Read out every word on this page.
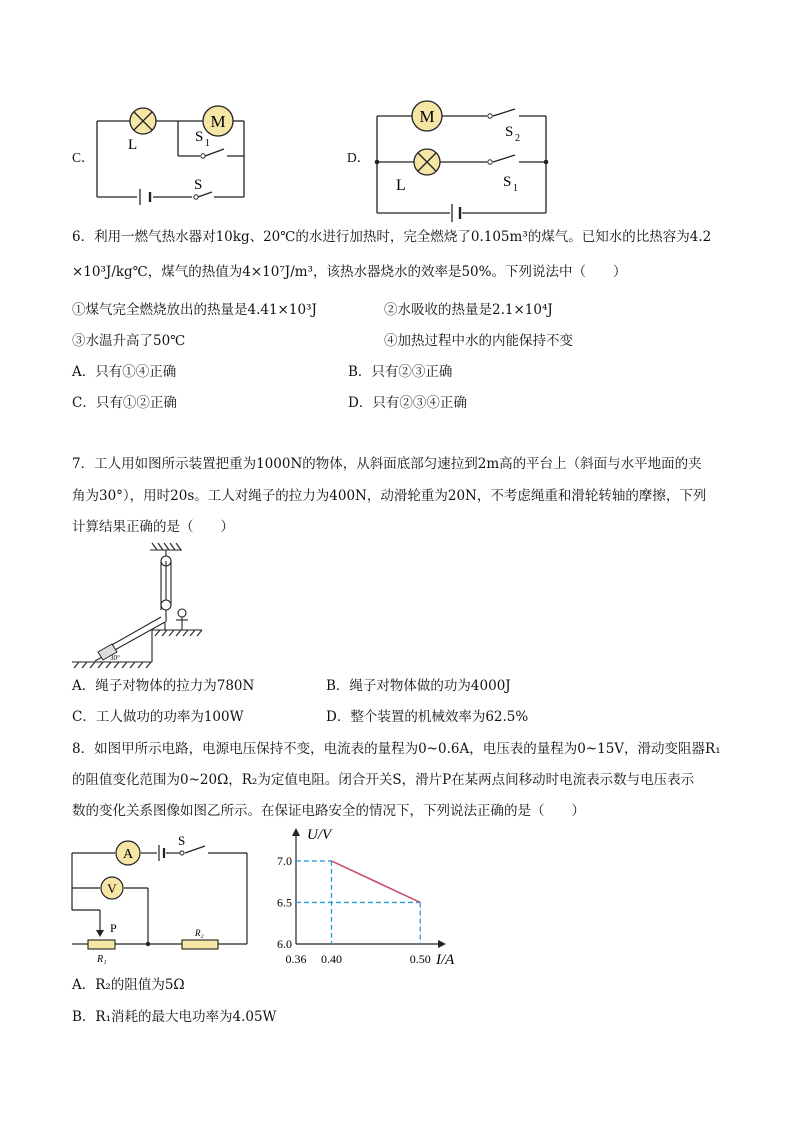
C．
M
L	S 1
S
D．
M
L
S 2
S 1
6．利用一燃气热水器对10kg、20℃的水进行加热时，完全燃烧了0.105m³的煤气。已知水的比热容为4.2
×10³J/kg℃，煤气的热值为4×10⁷J/m³，该热水器烧水的效率是50%。下列说法中（　　）
①煤气完全燃烧放出的热量是4.41×10³J	②水吸收的热量是2.1×10⁴J
③水温升高了50℃	④加热过程中水的内能保持不变
A．只有①④正确	B．只有②③正确
C．只有①②正确	D．只有②③④正确
7．工人用如图所示装置把重为1000N的物体，从斜面底部匀速拉到2m高的平台上（斜面与水平地面的夹
角为30°），用时20s。工人对绳子的拉力为400N，动滑轮重为20N，不考虑绳重和滑轮转轴的摩擦，下列
计算结果正确的是（　　）
30°
A．绳子对物体的拉力为780N	B．绳子对物体做的功为4000J
C．工人做功的功率为100W	D．整个装置的机械效率为62.5%
8．如图甲所示电路，电源电压保持不变，电流表的量程为0~0.6A，电压表的量程为0~15V，滑动变阻器R₁
的阻值变化范围为0~20Ω，R₂为定值电阻。闭合开关S，滑片P在某两点间移动时电流表示数与电压表示
数的变化关系图像如图乙所示。在保证电路安全的情况下，下列说法正确的是（　　）
A
V
S
P
R₁
R₂
U/V
I/A
6.0
6.5
7.0
0.36 0.40	0.50
A．R₂的阻值为5Ω
B．R₁消耗的最大电功率为4.05W
